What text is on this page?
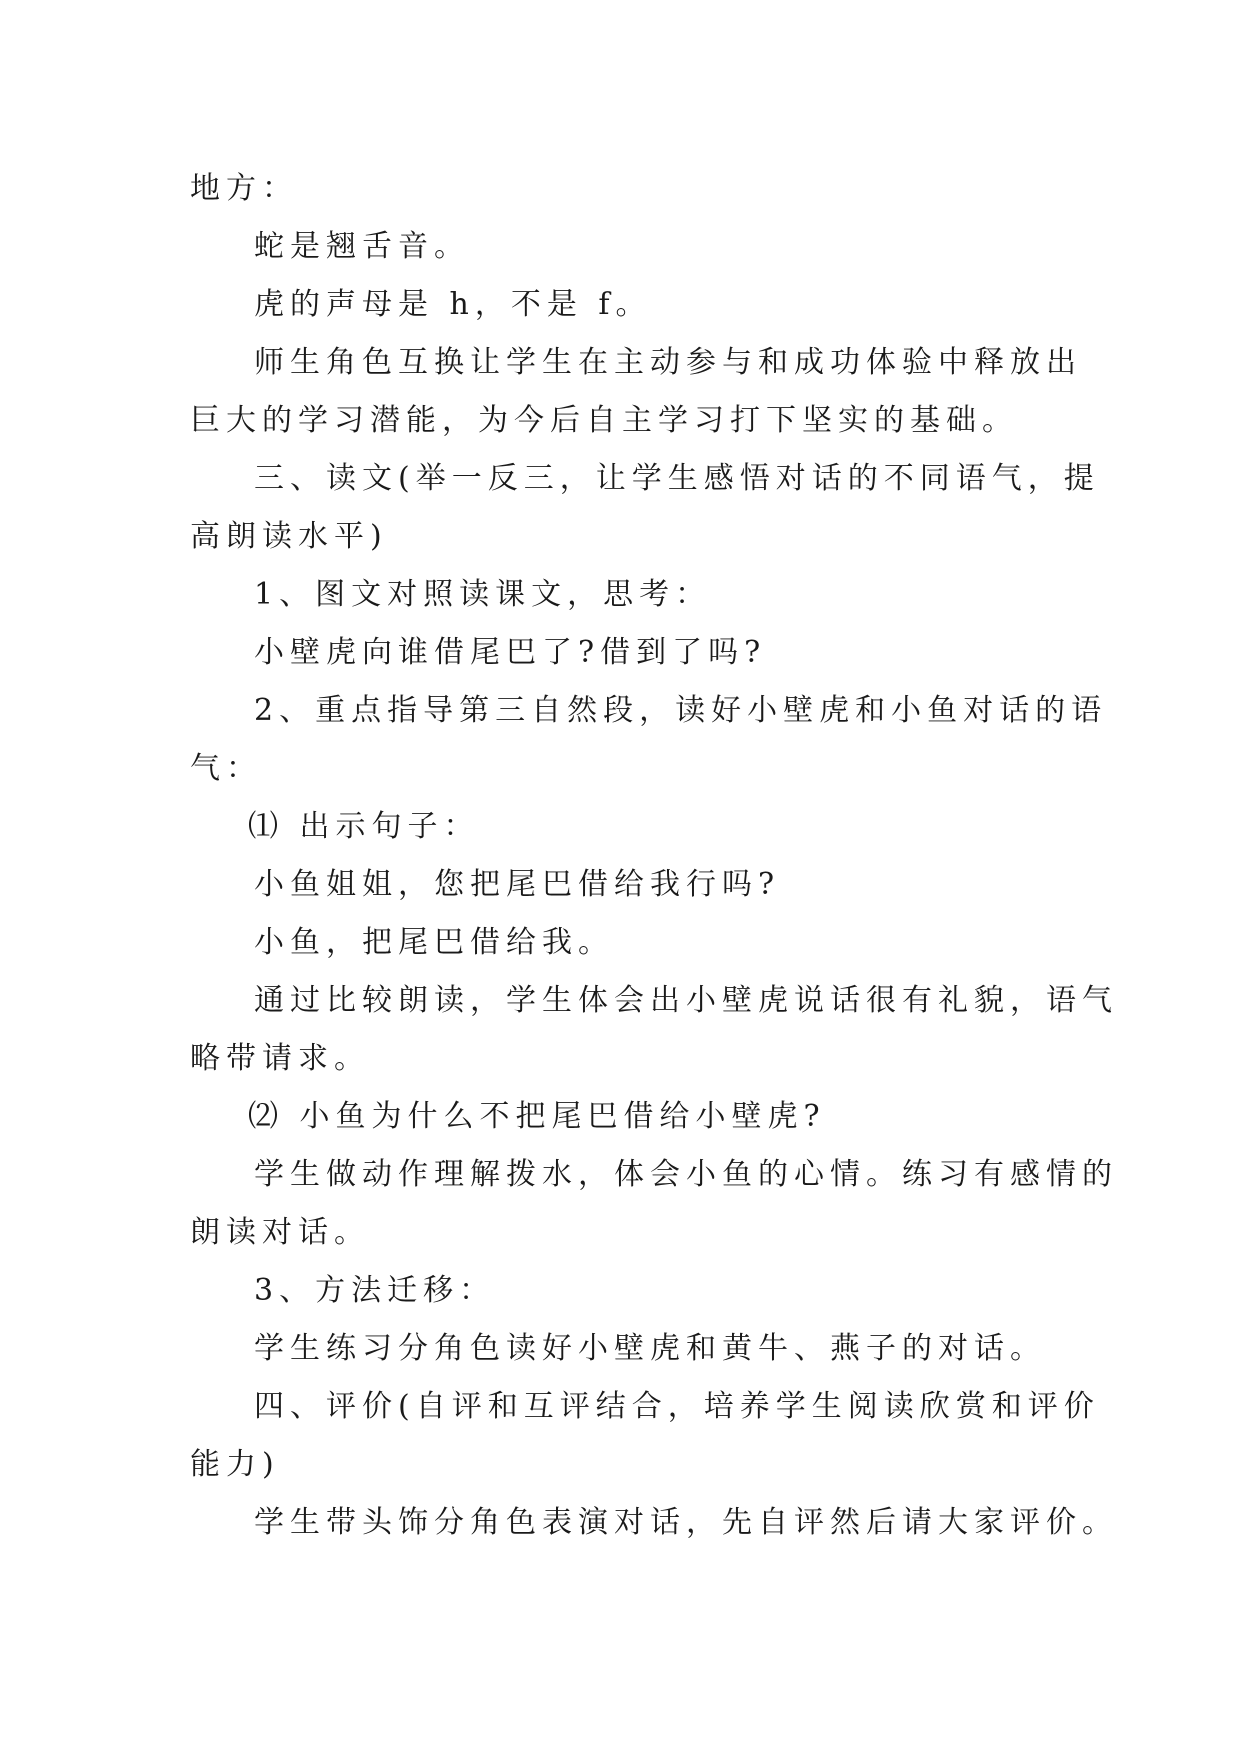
地方：

蛇是翘舌音。

虎的声母是 h，不是 f。

师生角色互换让学生在主动参与和成功体验中释放出

巨大的学习潜能，为今后自主学习打下坚实的基础。

三、读文(举一反三，让学生感悟对话的不同语气，提

高朗读水平)

1、图文对照读课文，思考：

小壁虎向谁借尾巴了?借到了吗?

2、重点指导第三自然段，读好小壁虎和小鱼对话的语

气：

⑴ 出示句子：

小鱼姐姐，您把尾巴借给我行吗?

小鱼，把尾巴借给我。

通过比较朗读，学生体会出小壁虎说话很有礼貌，语气

略带请求。

⑵ 小鱼为什么不把尾巴借给小壁虎?

学生做动作理解拨水，体会小鱼的心情。练习有感情的

朗读对话。

3、方法迁移：

学生练习分角色读好小壁虎和黄牛、燕子的对话。

四、评价(自评和互评结合，培养学生阅读欣赏和评价

能力)

学生带头饰分角色表演对话，先自评然后请大家评价。
